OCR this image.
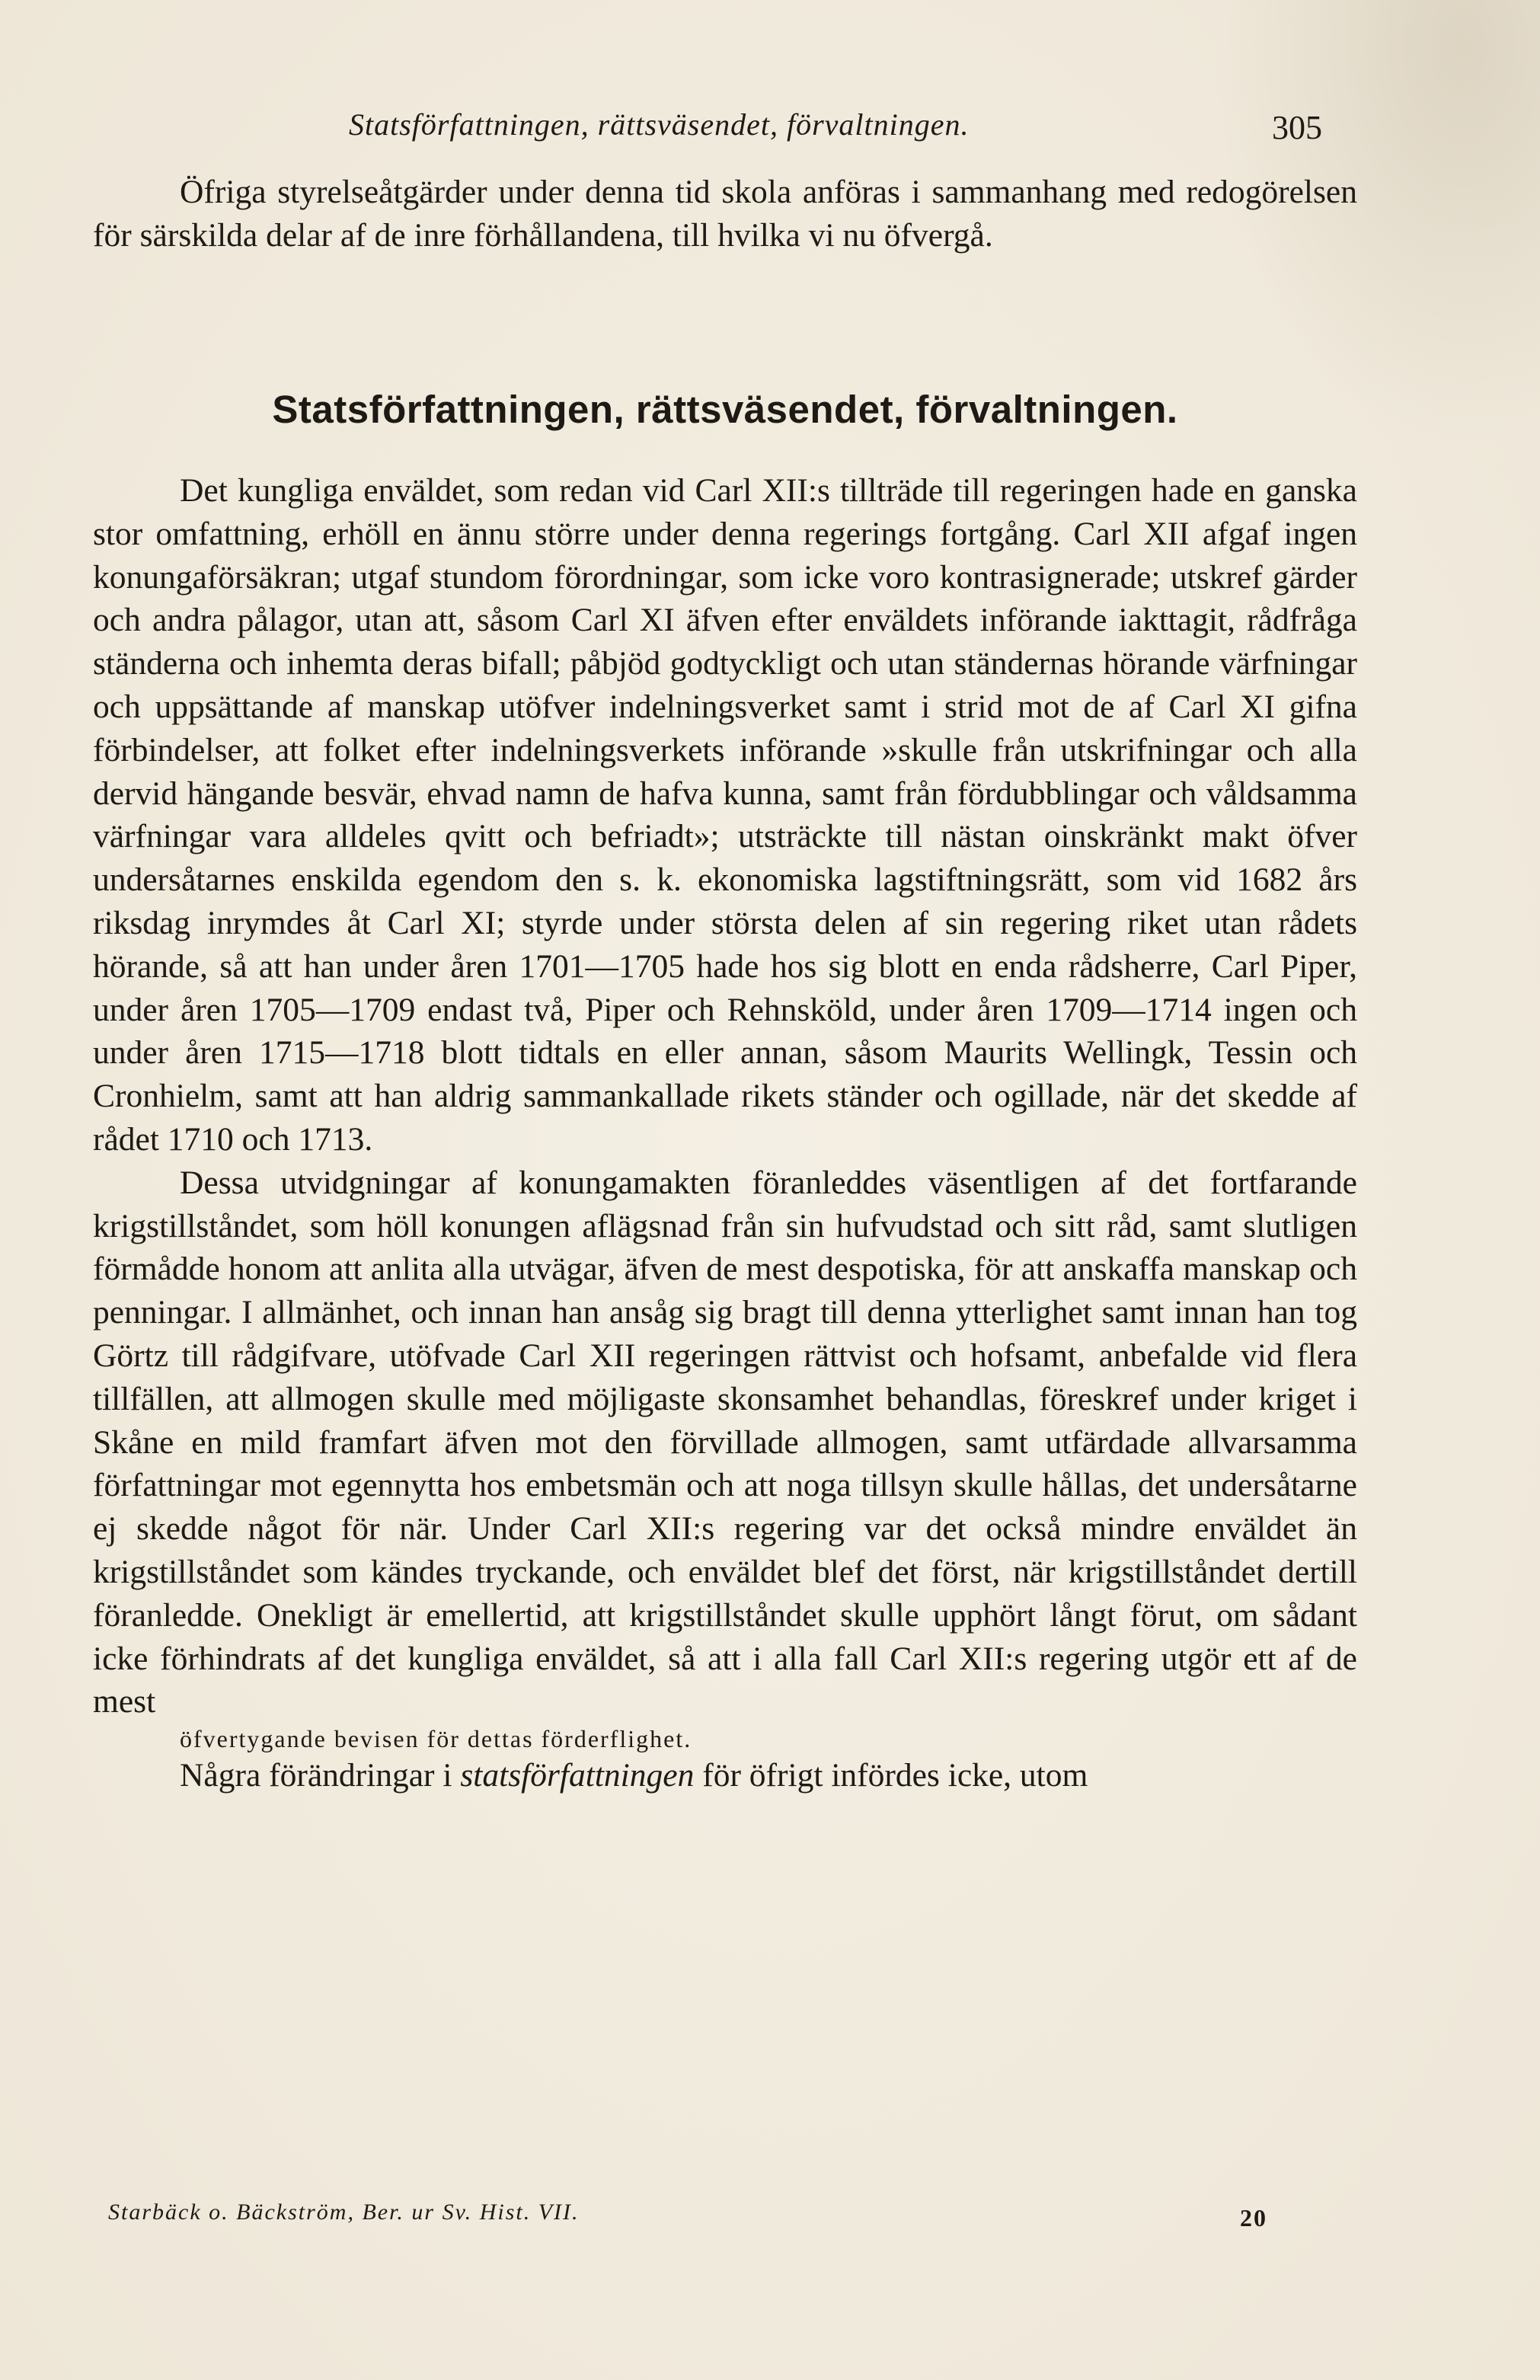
Statsförfattningen, rättsväsendet, förvaltningen.	305

Öfriga styrelseåtgärder under denna tid skola anföras i sammanhang med redogörelsen för särskilda delar af de inre förhållandena, till hvilka vi nu öfvergå.

Statsförfattningen, rättsväsendet, förvaltningen.

Det kungliga enväldet, som redan vid Carl XII:s tillträde till regeringen hade en ganska stor omfattning, erhöll en ännu större under denna regerings fortgång. Carl XII afgaf ingen konungaförsäkran; utgaf stundom förordningar, som icke voro kontrasignerade; utskref gärder och andra pålagor, utan att, såsom Carl XI äfven efter enväldets införande iakttagit, rådfråga ständerna och inhemta deras bifall; påbjöd godtyckligt och utan ständernas hörande värfningar och uppsättande af manskap utöfver indelningsverket samt i strid mot de af Carl XI gifna förbindelser, att folket efter indelningsverkets införande »skulle från utskrifningar och alla dervid hängande besvär, ehvad namn de hafva kunna, samt från fördubblingar och våldsamma värfningar vara alldeles qvitt och befriadt»; utsträckte till nästan oinskränkt makt öfver undersåtarnes enskilda egendom den s. k. ekonomiska lagstiftningsrätt, som vid 1682 års riksdag inrymdes åt Carl XI; styrde under största delen af sin regering riket utan rådets hörande, så att han under åren 1701—1705 hade hos sig blott en enda rådsherre, Carl Piper, under åren 1705—1709 endast två, Piper och Rehnsköld, under åren 1709—1714 ingen och under åren 1715—1718 blott tidtals en eller annan, såsom Maurits Wellingk, Tessin och Cronhielm, samt att han aldrig sammankallade rikets ständer och ogillade, när det skedde af rådet 1710 och 1713.

Dessa utvidgningar af konungamakten föranleddes väsentligen af det fortfarande krigstillståndet, som höll konungen aflägsnad från sin hufvudstad och sitt råd, samt slutligen förmådde honom att anlita alla utvägar, äfven de mest despotiska, för att anskaffa manskap och penningar. I allmänhet, och innan han ansåg sig bragt till denna ytterlighet samt innan han tog Görtz till rådgifvare, utöfvade Carl XII regeringen rättvist och hofsamt, anbefalde vid flera tillfällen, att allmogen skulle med möjligaste skonsamhet behandlas, föreskref under kriget i Skåne en mild framfart äfven mot den förvillade allmogen, samt utfärdade allvarsamma författningar mot egennytta hos embetsmän och att noga tillsyn skulle hållas, det undersåtarne ej skedde något för när. Under Carl XII:s regering var det också mindre enväldet än krigstillståndet som kändes tryckande, och enväldet blef det först, när krigstillståndet dertill föranledde. Onekligt är emellertid, att krigstillståndet skulle upphört långt förut, om sådant icke förhindrats af det kungliga enväldet, så att i alla fall Carl XII:s regering utgör ett af de mest
öfvertygande bevisen för dettas förderflighet.

Några förändringar i statsförfattningen för öfrigt infördes icke, utom

Starbäck o. Bäckström, Ber. ur Sv. Hist. VII.	20
